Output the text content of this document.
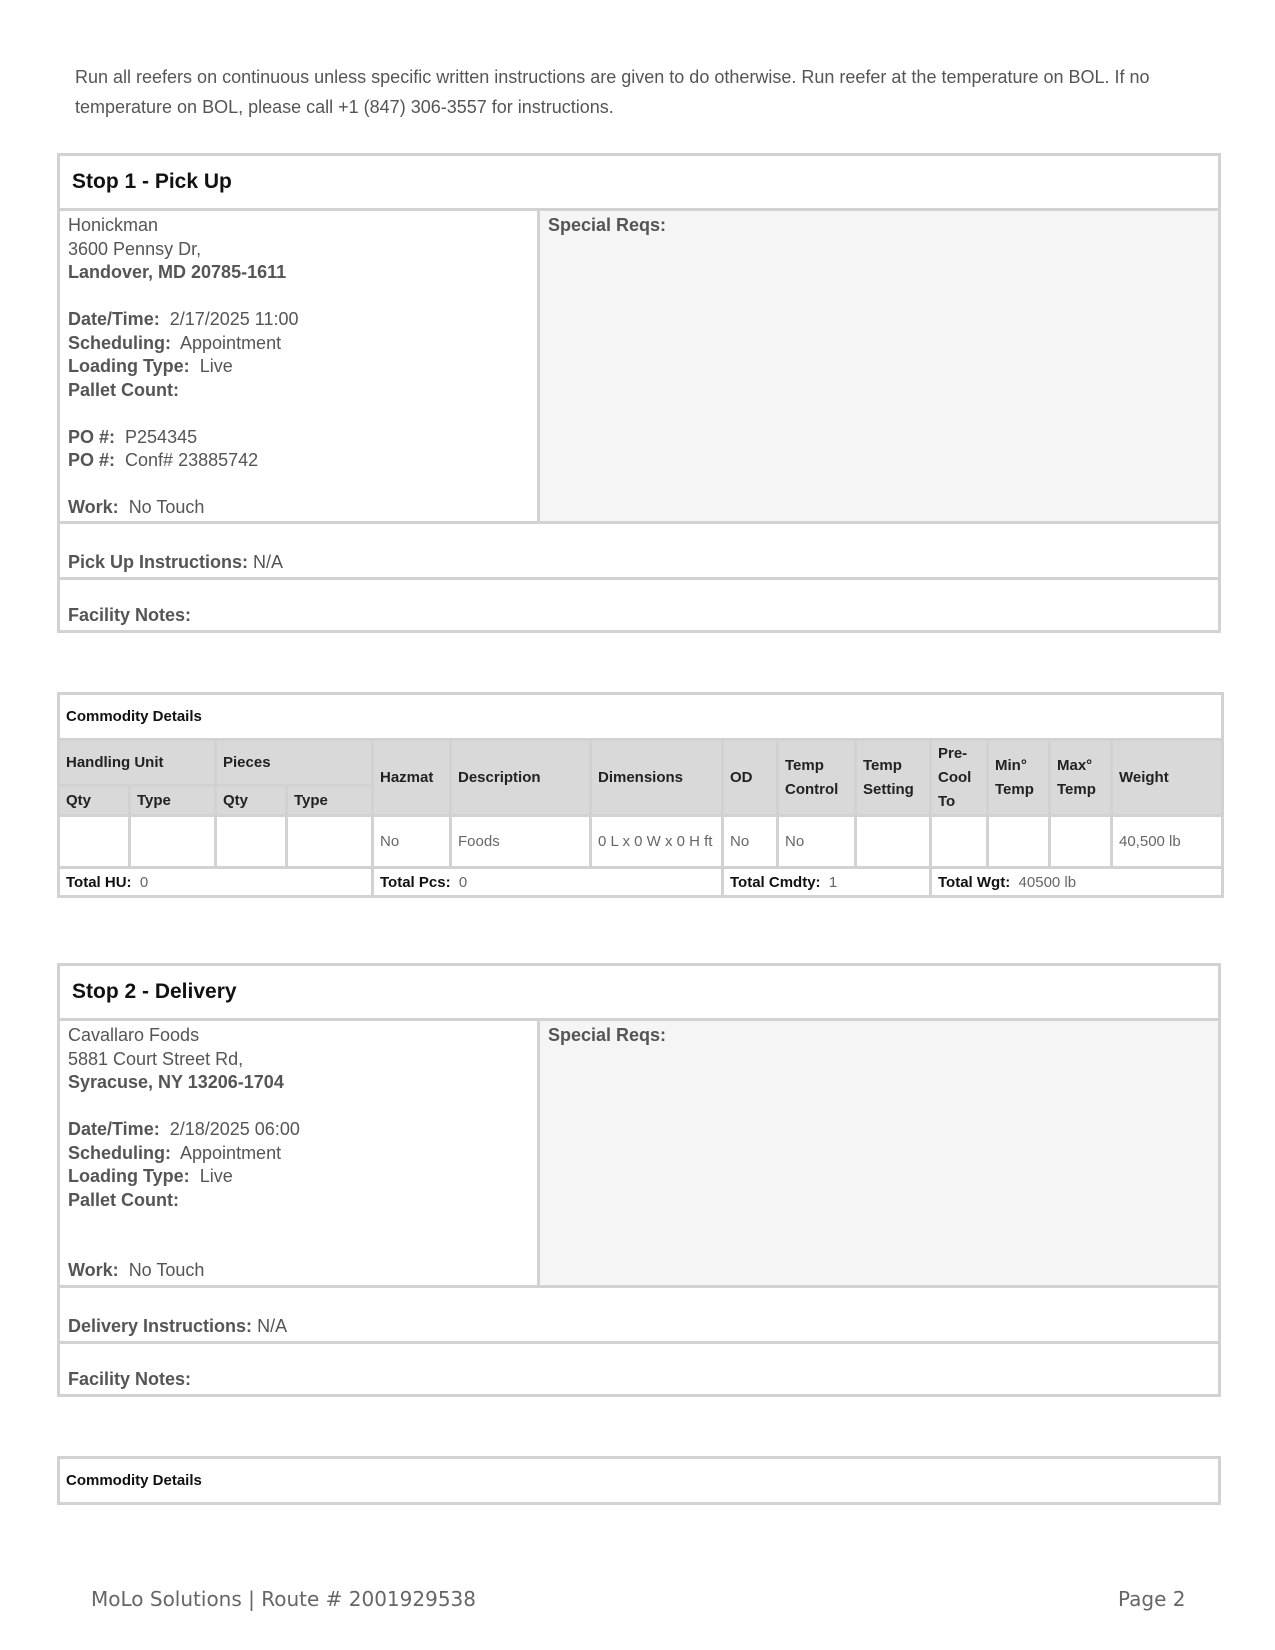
Run all reefers on continuous unless specific written instructions are given to do otherwise. Run reefer at the temperature on BOL. If no temperature on BOL, please call +1 (847) 306-3557 for instructions.
Stop 1 - Pick Up
Honickman
3600 Pennsy Dr,
Landover, MD 20785-1611
Date/Time: 2/17/2025 11:00
Scheduling: Appointment
Loading Type: Live
Pallet Count:
PO #: P254345
PO #: Conf# 23885742
Work: No Touch
Special Reqs:
Pick Up Instructions:
N/A
Facility Notes:
Commodity Details													
Handling Unit		Pieces		Hazmat	Description	Dimensions	OD	Temp Control	Temp Setting	Pre-Cool To	Min° Temp	Max° Temp	Weight
Qty	Type	Qty	Type										
				No	Foods	0 L x 0 W x 0 H ft	No	No					40,500 lb
Total HU: 0				Total Pcs: 0			Total Cmdty: 1			Total Wgt: 40500 lb			
Stop 2 - Delivery
Cavallaro Foods
5881 Court Street Rd,
Syracuse, NY 13206-1704
Date/Time: 2/18/2025 06:00
Scheduling: Appointment
Loading Type: Live
Pallet Count:
Work: No Touch
Special Reqs:
Delivery Instructions:
N/A
Facility Notes:
Commodity Details
MoLo Solutions | Route # 2001929538	Page 2
